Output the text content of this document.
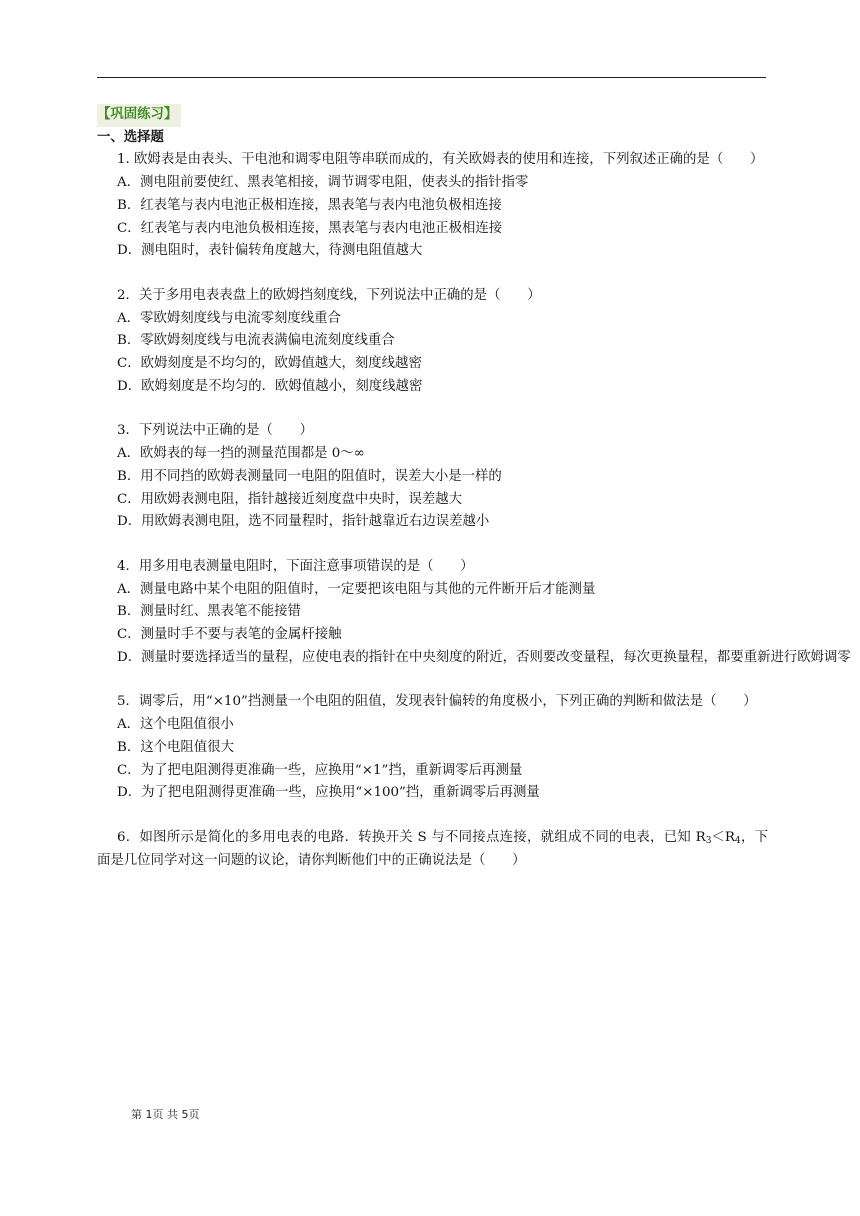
【巩固练习】
一、选择题
1. 欧姆表是由表头、干电池和调零电阻等串联而成的，有关欧姆表的使用和连接，下列叙述正确的是（　　）
A．测电阻前要使红、黑表笔相接，调节调零电阻，使表头的指针指零
B．红表笔与表内电池正极相连接，黑表笔与表内电池负极相连接
C．红表笔与表内电池负极相连接，黑表笔与表内电池正极相连接
D．测电阻时，表针偏转角度越大，待测电阻值越大
2．关于多用电表表盘上的欧姆挡刻度线，下列说法中正确的是（　　）
A．零欧姆刻度线与电流零刻度线重合
B．零欧姆刻度线与电流表满偏电流刻度线重合
C．欧姆刻度是不均匀的，欧姆值越大，刻度线越密
D．欧姆刻度是不均匀的．欧姆值越小，刻度线越密
3．下列说法中正确的是（　　）
A．欧姆表的每一挡的测量范围都是 0～∞
B．用不同挡的欧姆表测量同一电阻的阻值时，误差大小是一样的
C．用欧姆表测电阻，指针越接近刻度盘中央时，误差越大
D．用欧姆表测电阻，选不同量程时，指针越靠近右边误差越小
4．用多用电表测量电阻时，下面注意事项错误的是（　　）
A．测量电路中某个电阻的阻值时，一定要把该电阻与其他的元件断开后才能测量
B．测量时红、黑表笔不能接错
C．测量时手不要与表笔的金属杆接触
D．测量时要选择适当的量程，应使电表的指针在中央刻度的附近，否则要改变量程，每次更换量程，都要重新进行欧姆调零
5．调零后，用“×10”挡测量一个电阻的阻值，发现表针偏转的角度极小，下列正确的判断和做法是（　　）
A．这个电阻值很小
B．这个电阻值很大
C．为了把电阻测得更准确一些，应换用“×1”挡，重新调零后再测量
D．为了把电阻测得更准确一些，应换用“×100”挡，重新调零后再测量
6．如图所示是简化的多用电表的电路．转换开关 S 与不同接点连接，就组成不同的电表，已知 $R_3<R_4$，下面是几位同学对这一问题的议论，请你判断他们中的正确说法是（　　）
第 1页 共 5页
